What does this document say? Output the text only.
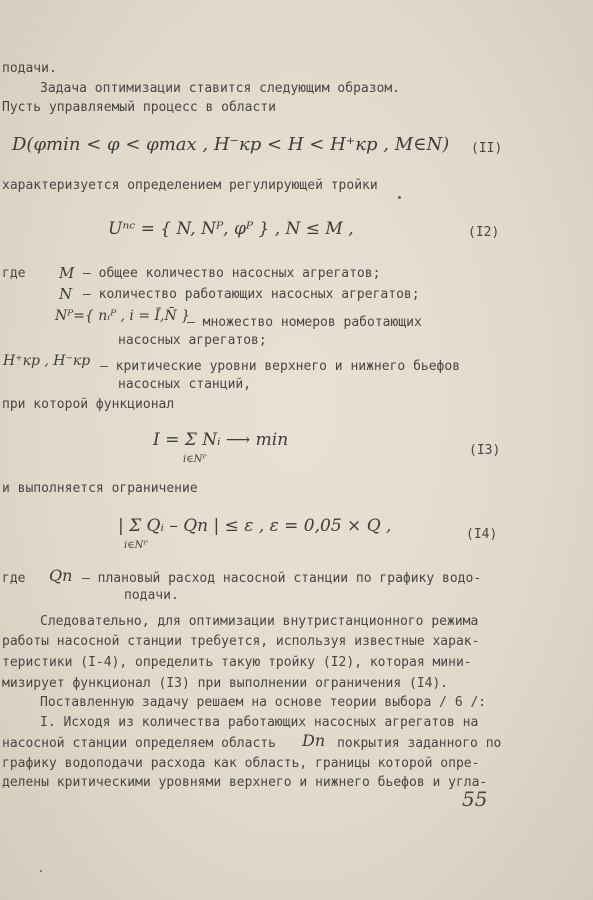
подачи.
Задача оптимизации ставится следующим образом.
Пусть управляемый процесс в области
D(φmin < φ < φmax , H⁻кр < H < H⁺кр , M∈N) (II)
характеризуется определением регулирующей тройки
Uⁿᶜ = { N, Nᴾ, φᴾ } , N ≤ M ,	(I2)
где M – общее количество насосных агрегатов;
N – количество работающих насосных агрегатов;
Nᴾ={ nᵢᴾ , i = Ī,N̄ }
– множество номеров работающих
насосных агрегатов;
H⁺кр , H⁻кр – критические уровни верхнего и нижнего бьефов
насосных станций,
при которой функционал
I = Σ Nᵢ ⟶ min
i∈Nᴾ
(I3)
и выполняется ограничение
| Σ Qᵢ – Qп | ≤ ε , ε = 0,05 × Q ,
i∈Nᴾ
(I4)
где Qп – плановый расход насосной станции по графику водо-
подачи.
Следовательно, для оптимизации внутристанционного режима
работы насосной станции требуется, используя известные харак-
теристики (I-4), определить такую тройку (I2), которая мини-
мизирует функционал (I3) при выполнении ограничения (I4).
Поставленную задачу решаем на основе теории выбора / 6 /:
I. Исходя из количества работающих насосных агрегатов на
насосной станции определяем область Dп покрытия заданного по
графику водоподачи расхода как область, границы которой опре-
делены критическими уровнями верхнего и нижнего бьефов и угла-
55
